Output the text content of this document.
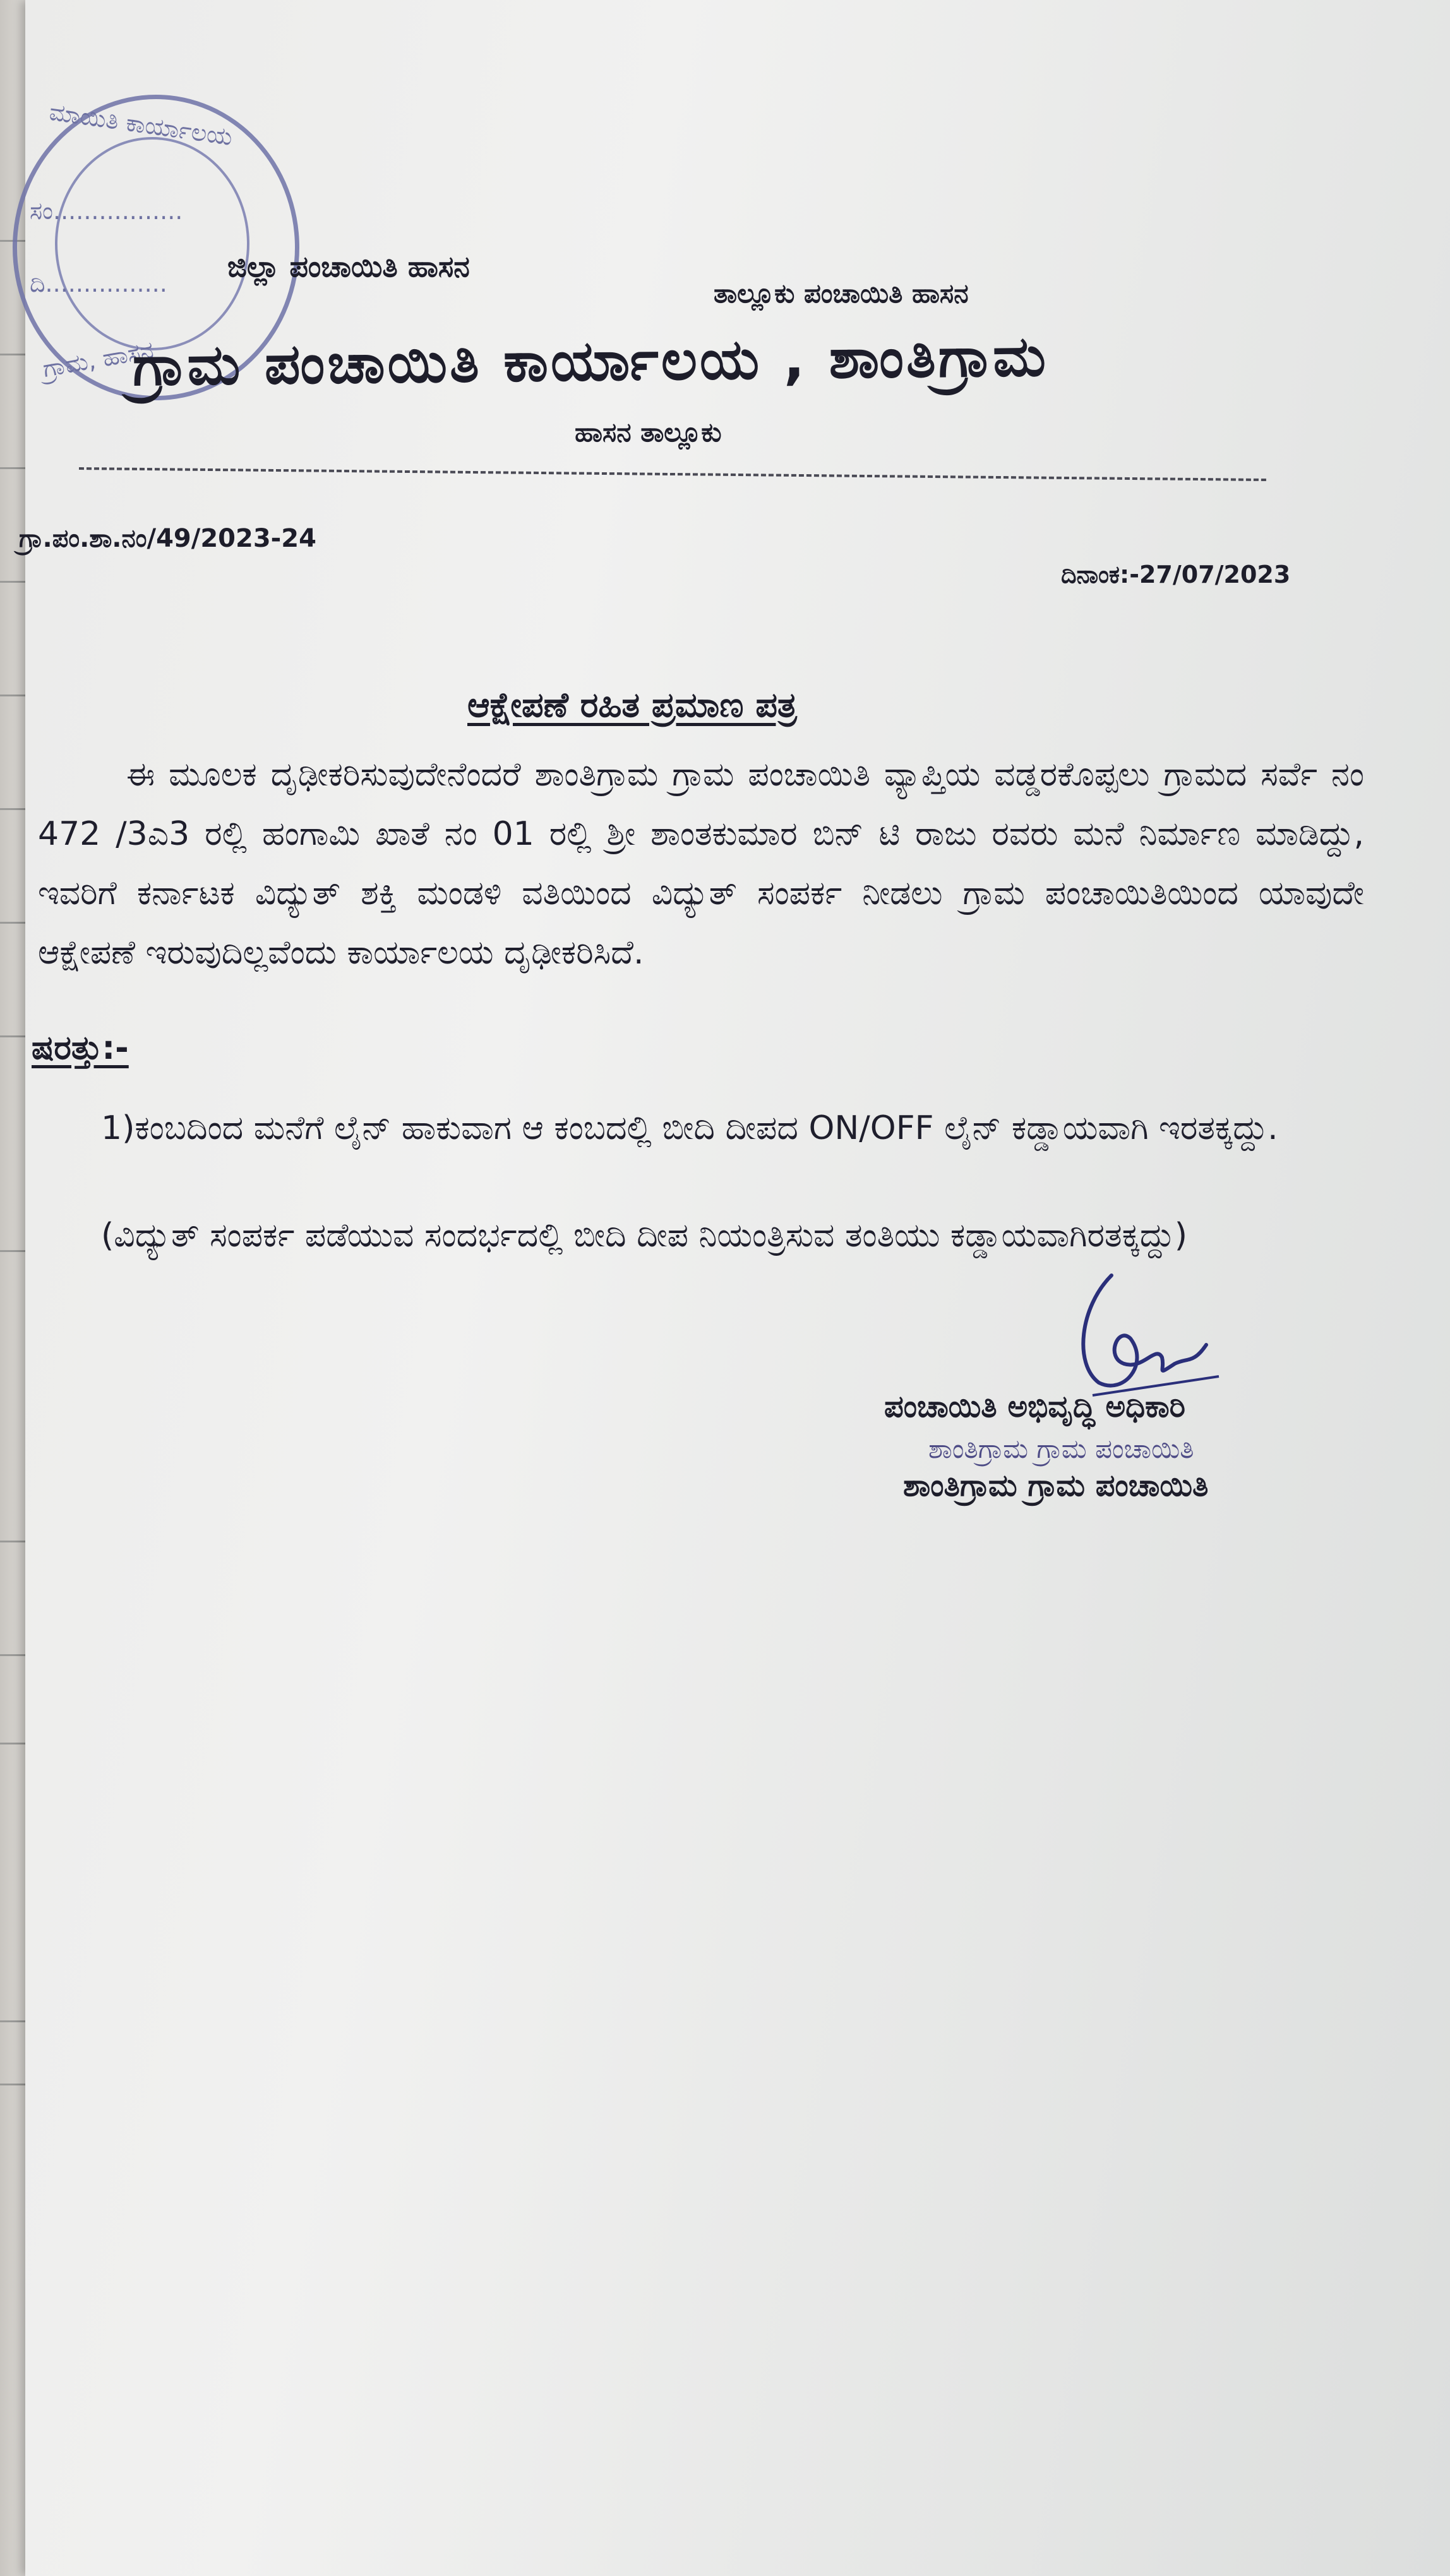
ಮಾಯಿತಿ ಕಾರ್ಯಾಲಯ
ಸಂ.................
ದಿ................
ಗ್ರಾಮ, ಹಾಸನ
ಜಿಲ್ಲಾ ಪಂಚಾಯಿತಿ ಹಾಸನ
ತಾಲ್ಲೂಕು ಪಂಚಾಯಿತಿ ಹಾಸನ
ಗ್ರಾಮ ಪಂಚಾಯಿತಿ ಕಾರ್ಯಾಲಯ , ಶಾಂತಿಗ್ರಾಮ
ಹಾಸನ ತಾಲ್ಲೂಕು
ಗ್ರಾ.ಪಂ.ಶಾ.ನಂ/49/2023-24
ದಿನಾಂಕ:-27/07/2023
ಆಕ್ಷೇಪಣೆ ರಹಿತ ಪ್ರಮಾಣ ಪತ್ರ
ಈ ಮೂಲಕ ದೃಢೀಕರಿಸುವುದೇನೆಂದರೆ ಶಾಂತಿಗ್ರಾಮ ಗ್ರಾಮ ಪಂಚಾಯಿತಿ ವ್ಯಾಪ್ತಿಯ ವಡ್ಡರಕೊಪ್ಪಲು ಗ್ರಾಮದ ಸರ್ವೆ ನಂ 472 /3ಎ3 ರಲ್ಲಿ ಹಂಗಾಮಿ ಖಾತೆ ನಂ 01 ರಲ್ಲಿ ಶ್ರೀ ಶಾಂತಕುಮಾರ ಬಿನ್ ಟಿ ರಾಜು ರವರು ಮನೆ ನಿರ್ಮಾಣ ಮಾಡಿದ್ದು, ಇವರಿಗೆ ಕರ್ನಾಟಕ ವಿದ್ಯುತ್ ಶಕ್ತಿ ಮಂಡಳಿ ವತಿಯಿಂದ ವಿದ್ಯುತ್ ಸಂಪರ್ಕ ನೀಡಲು ಗ್ರಾಮ ಪಂಚಾಯಿತಿಯಿಂದ ಯಾವುದೇ ಆಕ್ಷೇಪಣೆ ಇರುವುದಿಲ್ಲವೆಂದು ಕಾರ್ಯಾಲಯ ದೃಢೀಕರಿಸಿದೆ.
ಷರತ್ತು:-
1)ಕಂಬದಿಂದ ಮನೆಗೆ ಲೈನ್ ಹಾಕುವಾಗ ಆ ಕಂಬದಲ್ಲಿ ಬೀದಿ ದೀಪದ ON/OFF ಲೈನ್ ಕಡ್ಡಾಯವಾಗಿ ಇರತಕ್ಕದ್ದು.
(ವಿದ್ಯುತ್ ಸಂಪರ್ಕ ಪಡೆಯುವ ಸಂದರ್ಭದಲ್ಲಿ ಬೀದಿ ದೀಪ ನಿಯಂತ್ರಿಸುವ ತಂತಿಯು ಕಡ್ಡಾಯವಾಗಿರತಕ್ಕದ್ದು)
ಪಂಚಾಯಿತಿ ಅಭಿವೃದ್ಧಿ ಅಧಿಕಾರಿ
ಶಾಂತಿಗ್ರಾಮ ಗ್ರಾಮ ಪಂಚಾಯಿತಿ
ಶಾಂತಿಗ್ರಾಮ ಗ್ರಾಮ ಪಂಚಾಯಿತಿ
